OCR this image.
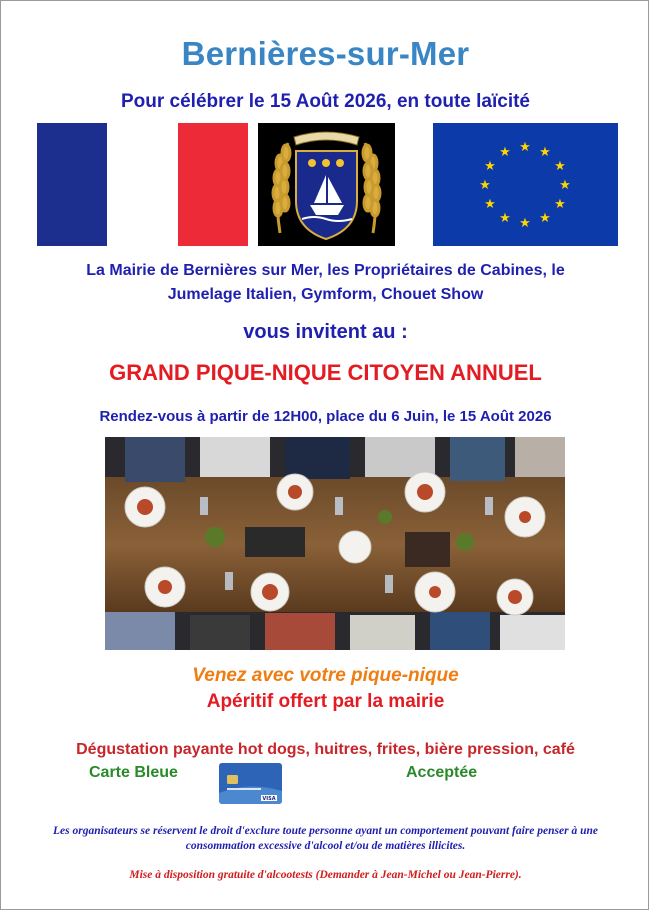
Bernières-sur-Mer
Pour célébrer le 15 Août 2026, en toute laïcité
★ ★
★
★
★
★
★
★
★
★
★
★
La Mairie de Bernières sur Mer, les Propriétaires de Cabines, le Jumelage Italien, Gymform, Chouet Show
vous invitent au :
GRAND PIQUE-NIQUE CITOYEN ANNUEL
Rendez-vous à partir de 12H00, place du 6 Juin, le 15 Août 2026
Venez avec votre pique-nique
Apéritif offert par la mairie
Dégustation payante hot dogs, huitres, frites, bière pression, café
Carte Bleue
VISA
Acceptée
Les organisateurs se réservent le droit d'exclure toute personne ayant un comportement pouvant faire penser à une consommation excessive d'alcool et/ou de matières illicites.
Mise à disposition gratuite d'alcootests (Demander à Jean-Michel ou Jean-Pierre).
